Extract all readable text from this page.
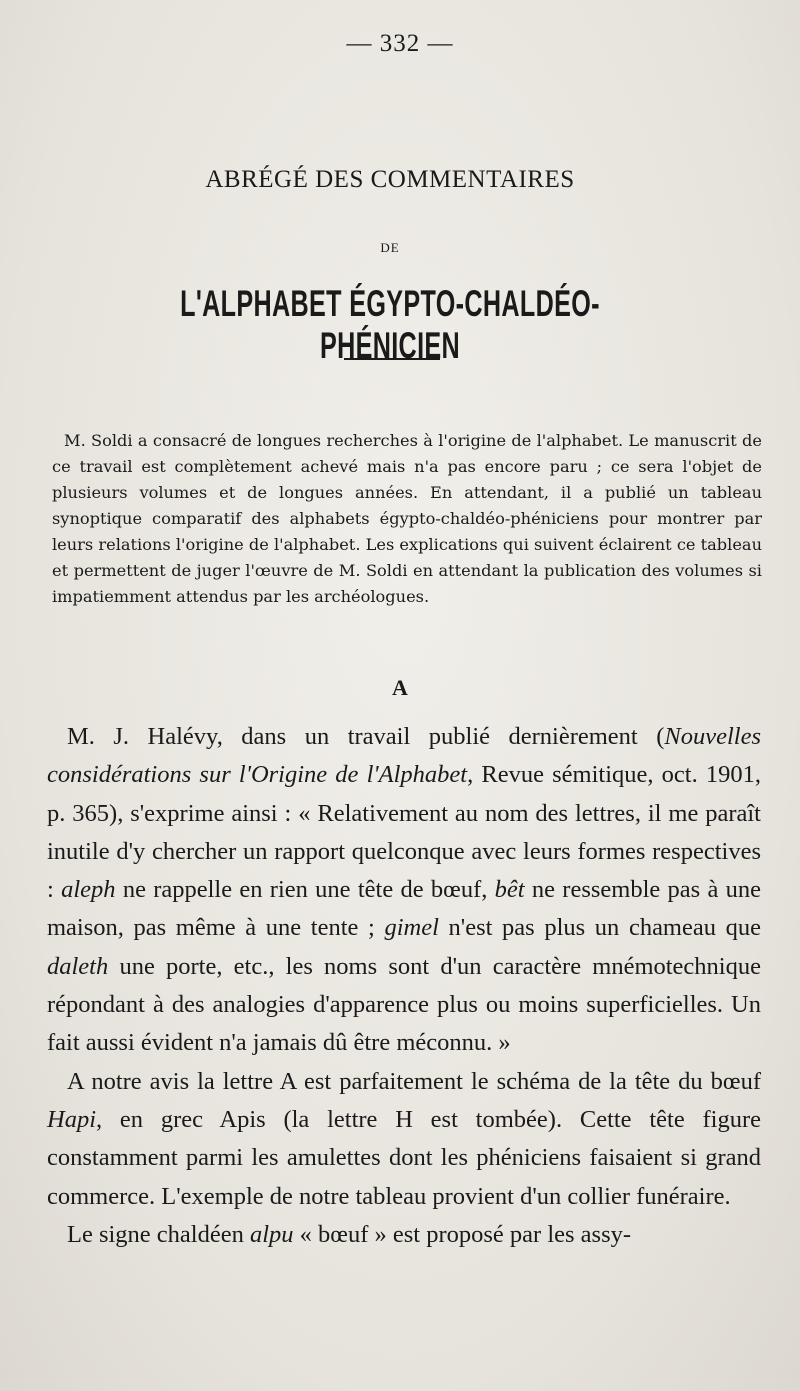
— 332 —
ABRÉGÉ DES COMMENTAIRES
DE
L'ALPHABET ÉGYPTO-CHALDÉO-PHÉNICIEN

M. Soldi a consacré de longues recherches à l'origine de l'alphabet. Le manuscrit de ce travail est complètement achevé mais n'a pas encore paru ; ce sera l'objet de plusieurs volumes et de longues années. En attendant, il a publié un tableau synoptique comparatif des alphabets égypto-chaldéo-phéniciens pour montrer par leurs relations l'origine de l'alphabet. Les explications qui suivent éclairent ce tableau et permettent de juger l'œuvre de M. Soldi en attendant la publication des volumes si impatiemment attendus par les archéologues.

A

M. J. Halévy, dans un travail publié dernièrement (Nouvelles considérations sur l'Origine de l'Alphabet, Revue sémitique, oct. 1901, p. 365), s'exprime ainsi : « Relativement au nom des lettres, il me paraît inutile d'y chercher un rapport quelconque avec leurs formes respectives : aleph ne rappelle en rien une tête de bœuf, bêt ne ressemble pas à une maison, pas même à une tente ; gimel n'est pas plus un chameau que daleth une porte, etc., les noms sont d'un caractère mnémotechnique répondant à des analogies d'apparence plus ou moins superficielles. Un fait aussi évident n'a jamais dû être méconnu. »

A notre avis la lettre A est parfaitement le schéma de la tête du bœuf Hapi, en grec Apis (la lettre H est tombée). Cette tête figure constamment parmi les amulettes dont les phéniciens faisaient si grand commerce. L'exemple de notre tableau provient d'un collier funéraire.

Le signe chaldéen alpu « bœuf » est proposé par les assy-
